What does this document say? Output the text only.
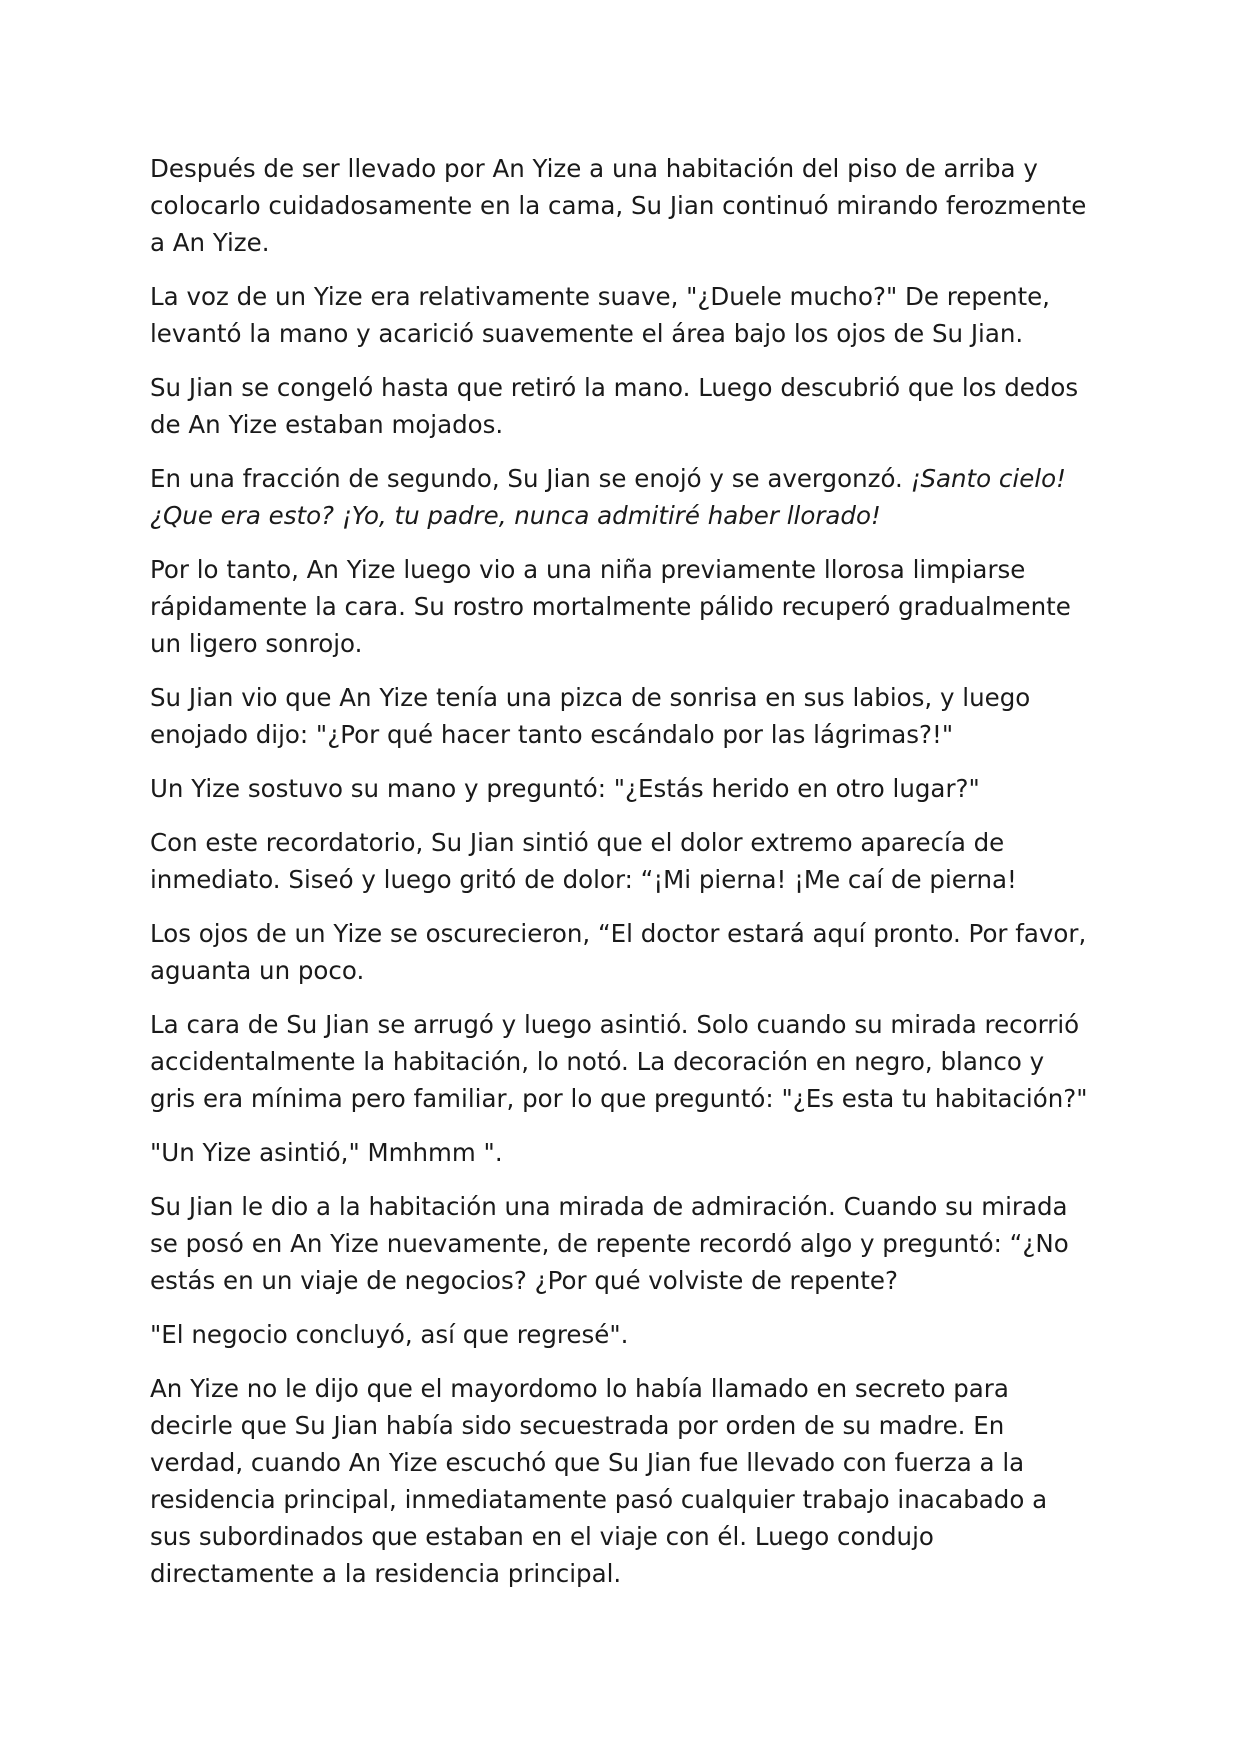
Después de ser llevado por An Yize a una habitación del piso de arriba y colocarlo cuidadosamente en la cama, Su Jian continuó mirando ferozmente a An Yize.

La voz de un Yize era relativamente suave, "¿Duele mucho?" De repente, levantó la mano y acarició suavemente el área bajo los ojos de Su Jian.

Su Jian se congeló hasta que retiró la mano. Luego descubrió que los dedos de An Yize estaban mojados.

En una fracción de segundo, Su Jian se enojó y se avergonzó. ¡Santo cielo! ¿Que era esto? ¡Yo, tu padre, nunca admitiré haber llorado!

Por lo tanto, An Yize luego vio a una niña previamente llorosa limpiarse rápidamente la cara. Su rostro mortalmente pálido recuperó gradualmente un ligero sonrojo.

Su Jian vio que An Yize tenía una pizca de sonrisa en sus labios, y luego enojado dijo: "¿Por qué hacer tanto escándalo por las lágrimas?!"

Un Yize sostuvo su mano y preguntó: "¿Estás herido en otro lugar?"

Con este recordatorio, Su Jian sintió que el dolor extremo aparecía de inmediato. Siseó y luego gritó de dolor: “¡Mi pierna! ¡Me caí de pierna!

Los ojos de un Yize se oscurecieron, “El doctor estará aquí pronto. Por favor, aguanta un poco.

La cara de Su Jian se arrugó y luego asintió. Solo cuando su mirada recorrió accidentalmente la habitación, lo notó. La decoración en negro, blanco y gris era mínima pero familiar, por lo que preguntó: "¿Es esta tu habitación?"

"Un Yize asintió," Mmhmm ".

Su Jian le dio a la habitación una mirada de admiración. Cuando su mirada se posó en An Yize nuevamente, de repente recordó algo y preguntó: “¿No estás en un viaje de negocios? ¿Por qué volviste de repente?

"El negocio concluyó, así que regresé".

An Yize no le dijo que el mayordomo lo había llamado en secreto para decirle que Su Jian había sido secuestrada por orden de su madre. En verdad, cuando An Yize escuchó que Su Jian fue llevado con fuerza a la residencia principal, inmediatamente pasó cualquier trabajo inacabado a sus subordinados que estaban en el viaje con él. Luego condujo directamente a la residencia principal.
